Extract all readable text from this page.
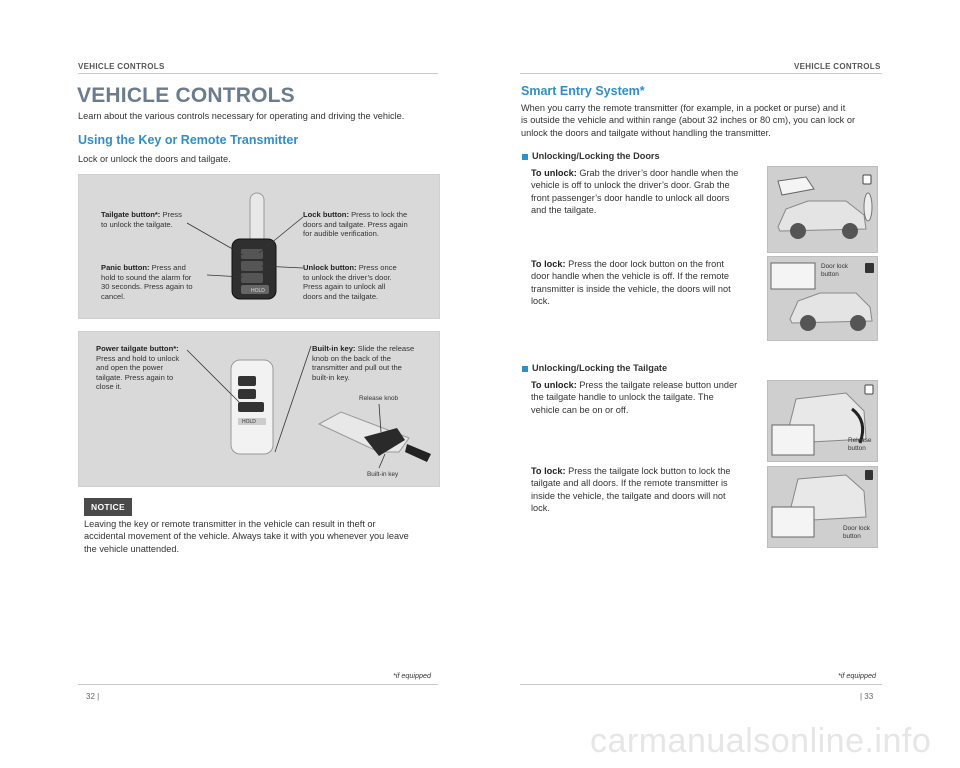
VEHICLE CONTROLS
VEHICLE CONTROLS
Learn about the various controls necessary for operating and driving the vehicle.
Using the Key or Remote Transmitter
Lock or unlock the doors and tailgate.
HOLD
Tailgate button*: Press
to unlock the tailgate.
Panic button: Press and
hold to sound the alarm for
30 seconds. Press again to
cancel.
Lock button: Press to lock the
doors and tailgate. Press again
for audible verification.
Unlock button: Press once
to unlock the driver’s door.
Press again to unlock all
doors and the tailgate.
HOLD
Power tailgate button*:
Press and hold to unlock
and open the power
tailgate. Press again to
close it.
Built-in key: Slide the release
knob on the back of the
transmitter and pull out the
built-in key.
Release knob
Built-in key
NOTICE
Leaving the key or remote transmitter in the vehicle can result in theft or
accidental movement of the vehicle. Always take it with you whenever you leave
the vehicle unattended.
*if equipped
32 |
VEHICLE CONTROLS
Smart Entry System*
When you carry the remote transmitter (for example, in a pocket or purse) and it
is outside the vehicle and within range (about 32 inches or 80 cm), you can lock or
unlock the doors and tailgate without handling the transmitter.
Unlocking/Locking the Doors
To unlock: Grab the driver’s door handle when the
vehicle is off to unlock the driver’s door. Grab the
front passenger’s door handle to unlock all doors
and the tailgate.
To lock: Press the door lock button on the front
door handle when the vehicle is off. If the remote
transmitter is inside the vehicle, the doors will not
lock.
Door lock
button
Unlocking/Locking the Tailgate
To unlock: Press the tailgate release button under
the tailgate handle to unlock the tailgate. The
vehicle can be on or off.
To lock: Press the tailgate lock button to lock the
tailgate and all doors. If the remote transmitter is
inside the vehicle, the tailgate and doors will not
lock.
Release
button
Door lock
button
*if equipped
| 33
carmanualsonline.info
